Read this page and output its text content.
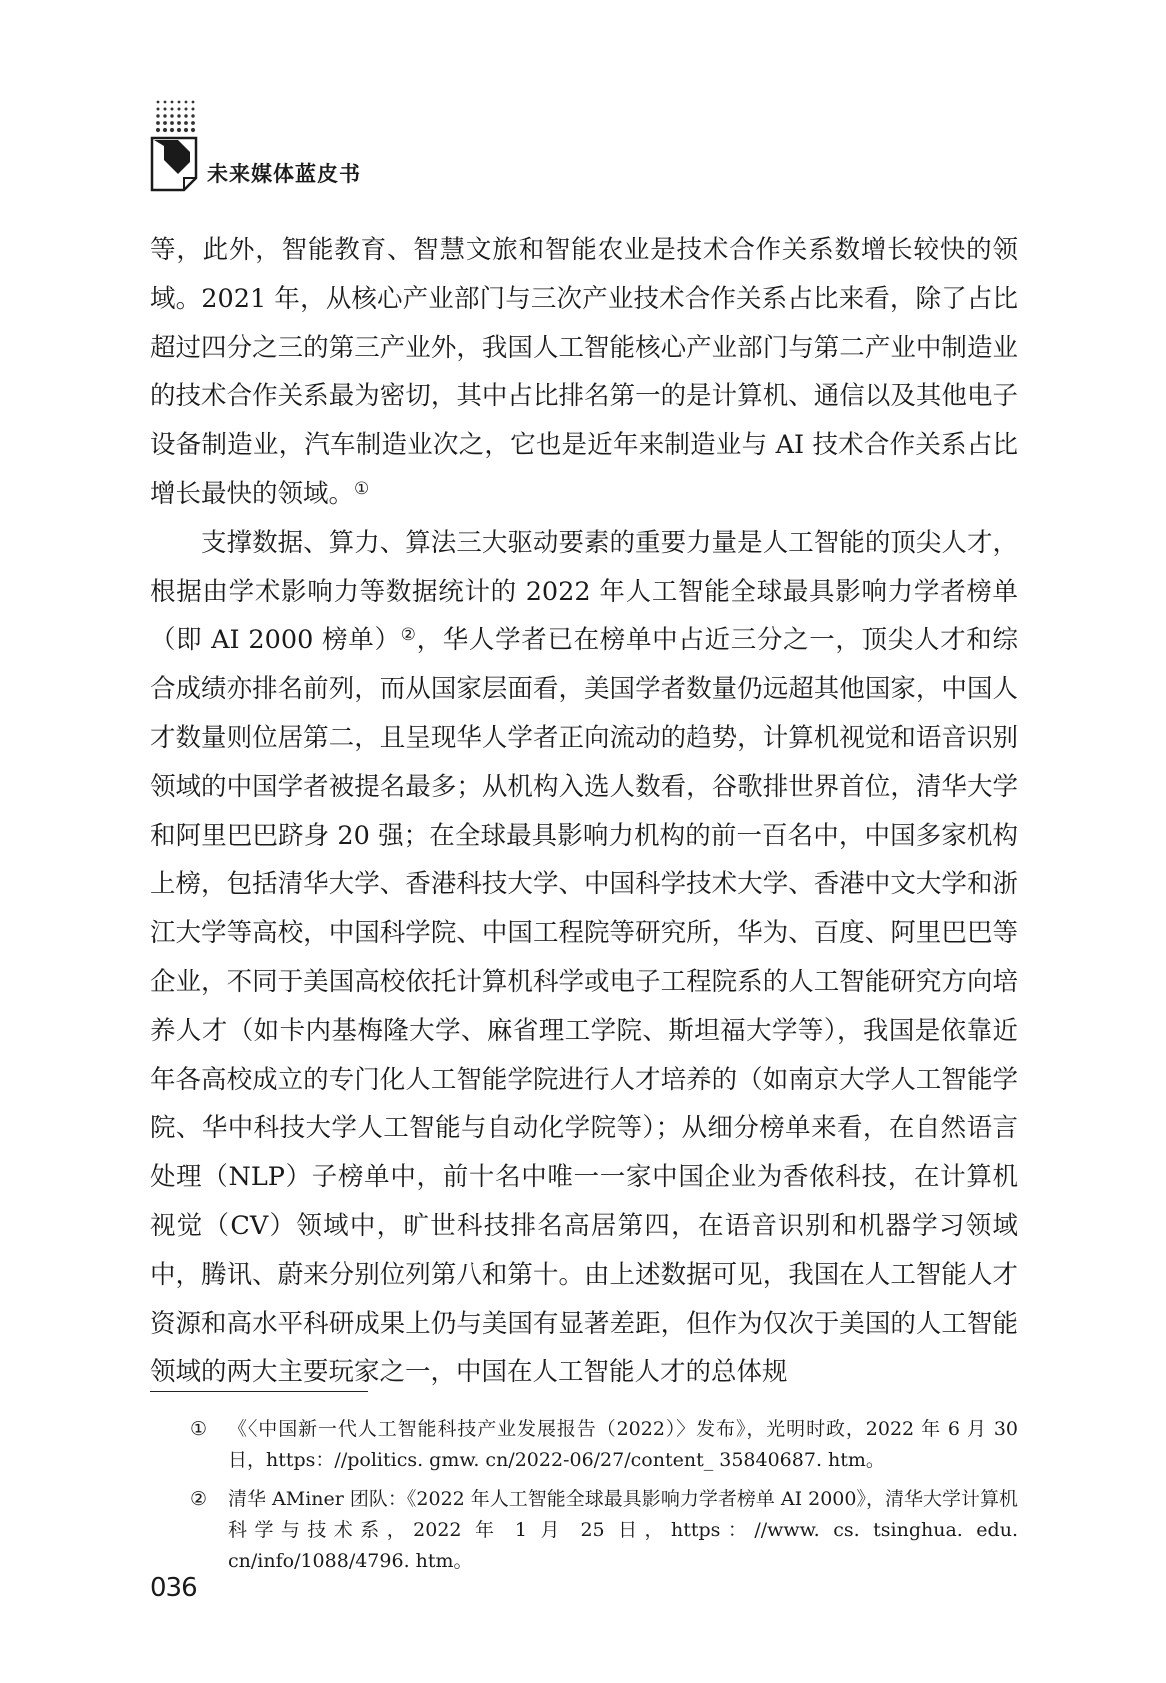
未来媒体蓝皮书

等，此外，智能教育、智慧文旅和智能农业是技术合作关系数增长较快的领域。2021 年，从核心产业部门与三次产业技术合作关系占比来看，除了占比超过四分之三的第三产业外，我国人工智能核心产业部门与第二产业中制造业的技术合作关系最为密切，其中占比排名第一的是计算机、通信以及其他电子设备制造业，汽车制造业次之，它也是近年来制造业与 AI 技术合作关系占比增长最快的领域。①

支撑数据、算力、算法三大驱动要素的重要力量是人工智能的顶尖人才，根据由学术影响力等数据统计的 2022 年人工智能全球最具影响力学者榜单（即 AI 2000 榜单）②，华人学者已在榜单中占近三分之一，顶尖人才和综合成绩亦排名前列，而从国家层面看，美国学者数量仍远超其他国家，中国人才数量则位居第二，且呈现华人学者正向流动的趋势，计算机视觉和语音识别领域的中国学者被提名最多；从机构入选人数看，谷歌排世界首位，清华大学和阿里巴巴跻身 20 强；在全球最具影响力机构的前一百名中，中国多家机构上榜，包括清华大学、香港科技大学、中国科学技术大学、香港中文大学和浙江大学等高校，中国科学院、中国工程院等研究所，华为、百度、阿里巴巴等企业，不同于美国高校依托计算机科学或电子工程院系的人工智能研究方向培养人才（如卡内基梅隆大学、麻省理工学院、斯坦福大学等），我国是依靠近年各高校成立的专门化人工智能学院进行人才培养的（如南京大学人工智能学院、华中科技大学人工智能与自动化学院等）；从细分榜单来看，在自然语言处理（NLP）子榜单中，前十名中唯一一家中国企业为香侬科技，在计算机视觉（CV）领域中，旷世科技排名高居第四，在语音识别和机器学习领域中，腾讯、蔚来分别位列第八和第十。由上述数据可见，我国在人工智能人才资源和高水平科研成果上仍与美国有显著差距，但作为仅次于美国的人工智能领域的两大主要玩家之一，中国在人工智能人才的总体规

① 《〈中国新一代人工智能科技产业发展报告（2022）〉发布》，光明时政，2022 年 6 月 30 日，https：//politics. gmw. cn/2022-06/27/content_ 35840687. htm。
② 清华 AMiner 团队：《2022 年人工智能全球最具影响力学者榜单 AI 2000》，清华大学计算机科学与技术系，2022 年 1 月 25 日，https：//www. cs. tsinghua. edu. cn/info/1088/4796. htm。
036
